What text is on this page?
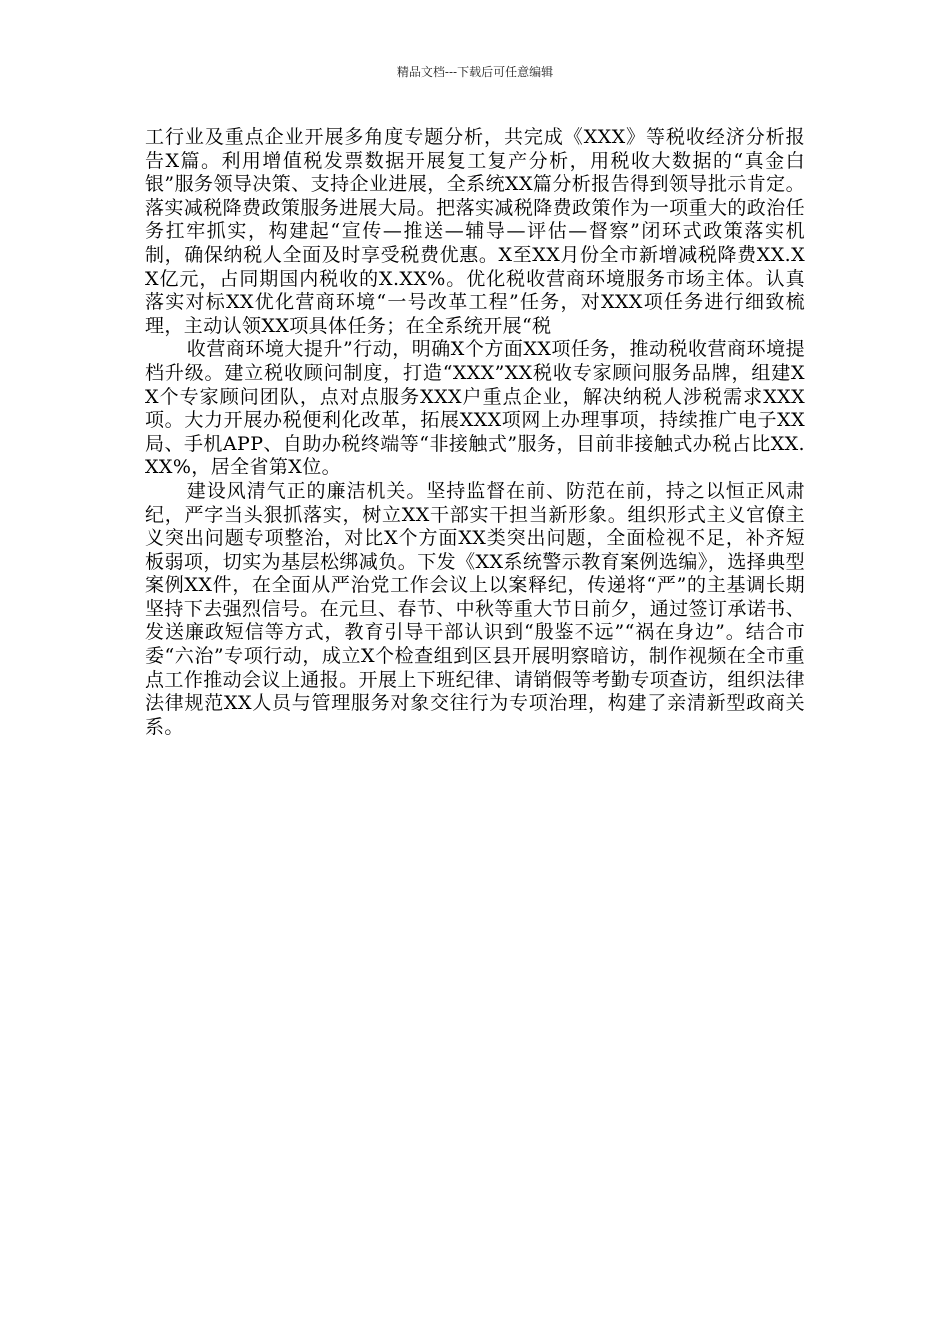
精品文档---下载后可任意编辑

工行业及重点企业开展多角度专题分析，共完成《XXX》等税收经济分析报告X篇。利用增值税发票数据开展复工复产分析，用税收大数据的“真金白银”服务领导决策、支持企业进展，全系统XX篇分析报告得到领导批示肯定。落实减税降费政策服务进展大局。把落实减税降费政策作为一项重大的政治任务扛牢抓实，构建起“宣传—推送—辅导—评估—督察”闭环式政策落实机制，确保纳税人全面及时享受税费优惠。X至XX月份全市新增减税降费XX.XX亿元，占同期国内税收的X.XX%。优化税收营商环境服务市场主体。认真落实对标XX优化营商环境“一号改革工程”任务，对XXX项任务进行细致梳理，主动认领XX项具体任务；在全系统开展“税

收营商环境大提升”行动，明确X个方面XX项任务，推动税收营商环境提档升级。建立税收顾问制度，打造“XXX”XX税收专家顾问服务品牌，组建XX个专家顾问团队，点对点服务XXX户重点企业，解决纳税人涉税需求XXX项。大力开展办税便利化改革，拓展XXX项网上办理事项，持续推广电子XX局、手机APP、自助办税终端等“非接触式”服务，目前非接触式办税占比XX.XX%，居全省第X位。

建设风清气正的廉洁机关。坚持监督在前、防范在前，持之以恒正风肃纪，严字当头狠抓落实，树立XX干部实干担当新形象。组织形式主义官僚主义突出问题专项整治，对比X个方面XX类突出问题，全面检视不足，补齐短板弱项，切实为基层松绑减负。下发《XX系统警示教育案例选编》，选择典型案例XX件，在全面从严治党工作会议上以案释纪，传递将“严”的主基调长期坚持下去强烈信号。在元旦、春节、中秋等重大节日前夕，通过签订承诺书、发送廉政短信等方式，教育引导干部认识到“殷鉴不远”“祸在身边”。结合市委“六治”专项行动，成立X个检查组到区县开展明察暗访，制作视频在全市重点工作推动会议上通报。开展上下班纪律、请销假等考勤专项查访，组织法律法律规范XX人员与管理服务对象交往行为专项治理，构建了亲清新型政商关系。
